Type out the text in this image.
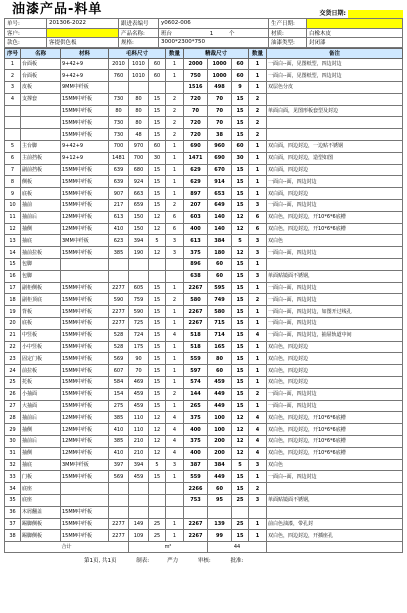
油漆产品-料单	交货日期:
单号:	201306-2022	跟进表编号	y0602-006	生产日期:	
客户:		产品名称:	班台 1 个	材质:	白橡木皮
款色:	客提供色板	规格:	3000*2300*750	油漆类型:	封闭漆
序号	名称	材料	毛料尺寸			数量	精裁尺寸			数量	备注
1	台面板	9+42+9	2010	1010	60	1	2000	1000	60	1	一面白--面，见图纸型，四边封边
2	台面板	9+42+9	760	1010	60	1	750	1000	60	1	一面白--面，见图纸型，四边封边
3	皮板	9MM中纤板					1516	498	9	1	双层色分皮
4	支撑套	15MM中纤板	730	80	15	2	720	70	15	2	
		15MM中纤板	80	80	15	2	70	70	15	2	单面白面，见图形板套型及封边
		15MM中纤板	730	80	15	2	720	70	15	2	
		15MM中纤板	730	48	15	2	720	38	15	2	
5	主台脚	9+42+9	700	970	60	1	690	960	60	1	双白面，四边封边，一边贴不锈钢
6	主前挡板	9+12+9	1481	700	30	1	1471	690	30	1	双白面，四边封边，造型如图
7	副前挡板	15MM中纤板	639	680	15	1	629	670	15	1	双白面，四边封边
8	侧板	15MM中纤板	639	924	15	1	629	914	15	1	一面白--面，四边封边
9	底板	15MM中纤板	907	663	15	1	897	653	15	1	双白面，四边封边
10	抽前	15MM中纤板	217	659	15	2	207	649	15	3	一面白--面，四边封边
11	抽前后	12MM中纤板	613	150	12	6	603	140	12	6	双白色，四边封边，开10*6*6底槽
12	抽侧	12MM中纤板	410	150	12	6	400	140	12	6	双白色，四边封边，开10*6*6底槽
13	抽底	3MM中纤板	623	394	5	3	613	384	5	3	双白色
14	抽前拉板	15MM中纤板	385	190	12	3	375	180	12	3	一面白--面，四边封边
15	包脚						896	60	15	1	
16	包脚						638	60	15	3	单面贴镜面不锈钢，
17	副柜侧板	15MM中纤板	2277	605	15	1	2267	595	15	1	一面白--面，四边封边
18	副柜顶底	15MM中纤板	590	759	15	2	580	749	15	2	一面白--面，四边封边
19	背板	15MM中纤板	2277	590	15	1	2267	580	15	1	一面白--面，四边封边，如图开过线孔
20	底板	15MM中纤板	2277	725	15	1	2267	715	15	1	一面白--面，四边封边
21	中竖板	15MM中纤板	528	724	15	4	518	714	15	4	一面白--面，四边封边，抽屉轨道中间
22	小中竖板	15MM中纤板	528	175	15	1	518	165	15	1	双白色，四边封边
23	固定门板	15MM中纤板	569	90	15	1	559	80	15	1	双白色，四边封边
24	前拉板	15MM中纤板	607	70	15	1	597	60	15	1	双白色，四边封边
25	托板	15MM中纤板	584	469	15	1	574	459	15	1	双白色，四边封边
26	小抽面	15MM中纤板	154	459	15	2	144	449	15	2	一面白--面，四边封边
27	大抽面	15MM中纤板	275	459	15	1	265	449	15	1	一面白--面，四边封边
28	抽前后	12MM中纤板	385	110	12	4	375	100	12	4	双白色，四边封边，开10*6*6底槽
29	抽侧	12MM中纤板	410	110	12	4	400	100	12	4	双白色，四边封边，开10*6*6底槽
30	抽前后	12MM中纤板	385	210	12	4	375	200	12	4	双白色，四边封边，开10*6*6底槽
31	抽侧	12MM中纤板	410	210	12	4	400	200	12	4	双白色，四边封边，开10*6*6底槽
32	抽底	3MM中纤板	397	394	5	3	387	384	5	3	双白色
33	门板	15MM中纤板	569	459	15	1	559	449	15	1	一面白--面，四边封边
34	底座						2266	60	15	2	
35	底座						753	95	25	3	单面贴镜面不锈钢，
36	木屑翻盖	15MM中纤板									
37	踢脚侧板	15MM中纤板	2277	149	25	1	2267	139	25	1	前白色油漆，带孔封
38	踢脚侧板	15MM中纤板	2277	109	25	1	2267	99	15	1	双白色，四边封边，开插座孔
合计				m²				44			
第1页, 共1页	制表:	严力	审核:	批准:
